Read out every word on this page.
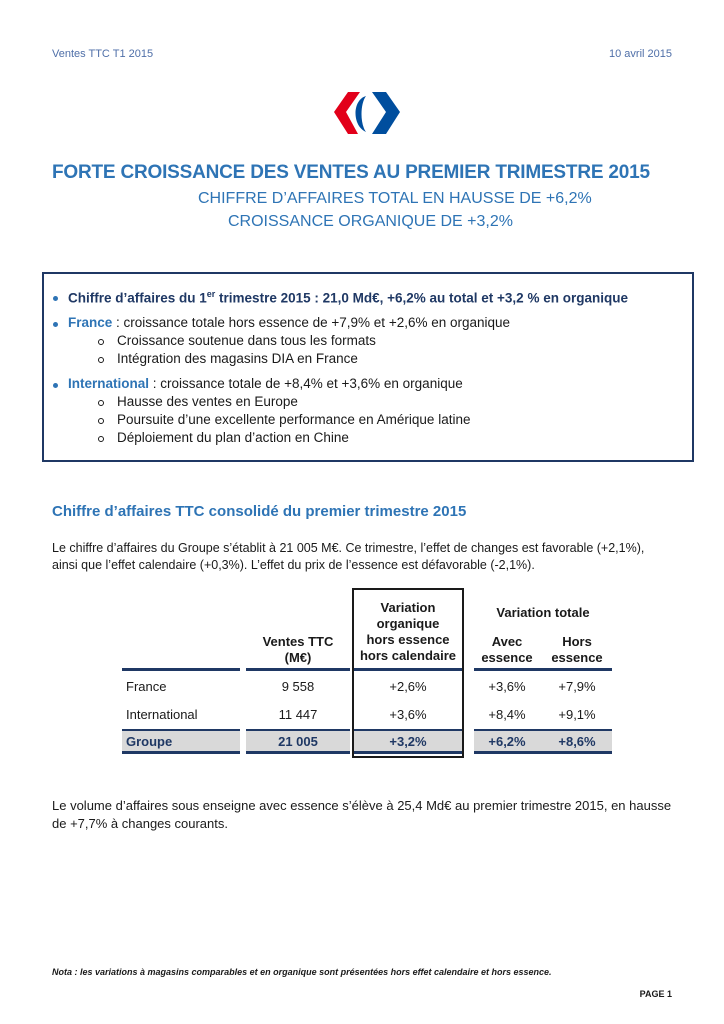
Ventes TTC T1 2015	10 avril 2015
FORTE CROISSANCE DES VENTES AU PREMIER TRIMESTRE 2015
CHIFFRE D’AFFAIRES TOTAL EN HAUSSE DE +6,2%
CROISSANCE ORGANIQUE DE +3,2%
Chiffre d’affaires du 1er trimestre 2015 : 21,0 Md€, +6,2% au total et +3,2 % en organique
France : croissance totale hors essence de +7,9% et +2,6% en organique
Croissance soutenue dans tous les formats
Intégration des magasins DIA en France
International : croissance totale de +8,4% et +3,6% en organique
Hausse des ventes en Europe
Poursuite d’une excellente performance en Amérique latine
Déploiement du plan d’action en Chine
Chiffre d’affaires TTC consolidé du premier trimestre 2015
Le chiffre d’affaires du Groupe s’établit à 21 005 M€. Ce trimestre, l’effet de changes est favorable (+2,1%),
ainsi que l’effet calendaire (+0,3%). L’effet du prix de l’essence est défavorable (-2,1%).
Ventes TTC
(M€)
Variation
organique
hors essence
hors calendaire
Variation totale
Avec
essence
Hors
essence
France	9 558	+2,6%	+3,6%	+7,9%
International	11 447	+3,6%	+8,4%	+9,1%
Groupe	21 005	+3,2%	+6,2%	+8,6%
Le volume d’affaires sous enseigne avec essence s’élève à 25,4 Md€ au premier trimestre 2015, en hausse
de +7,7% à changes courants.
Nota : les variations à magasins comparables et en organique sont présentées hors effet calendaire et hors essence.
PAGE 1
